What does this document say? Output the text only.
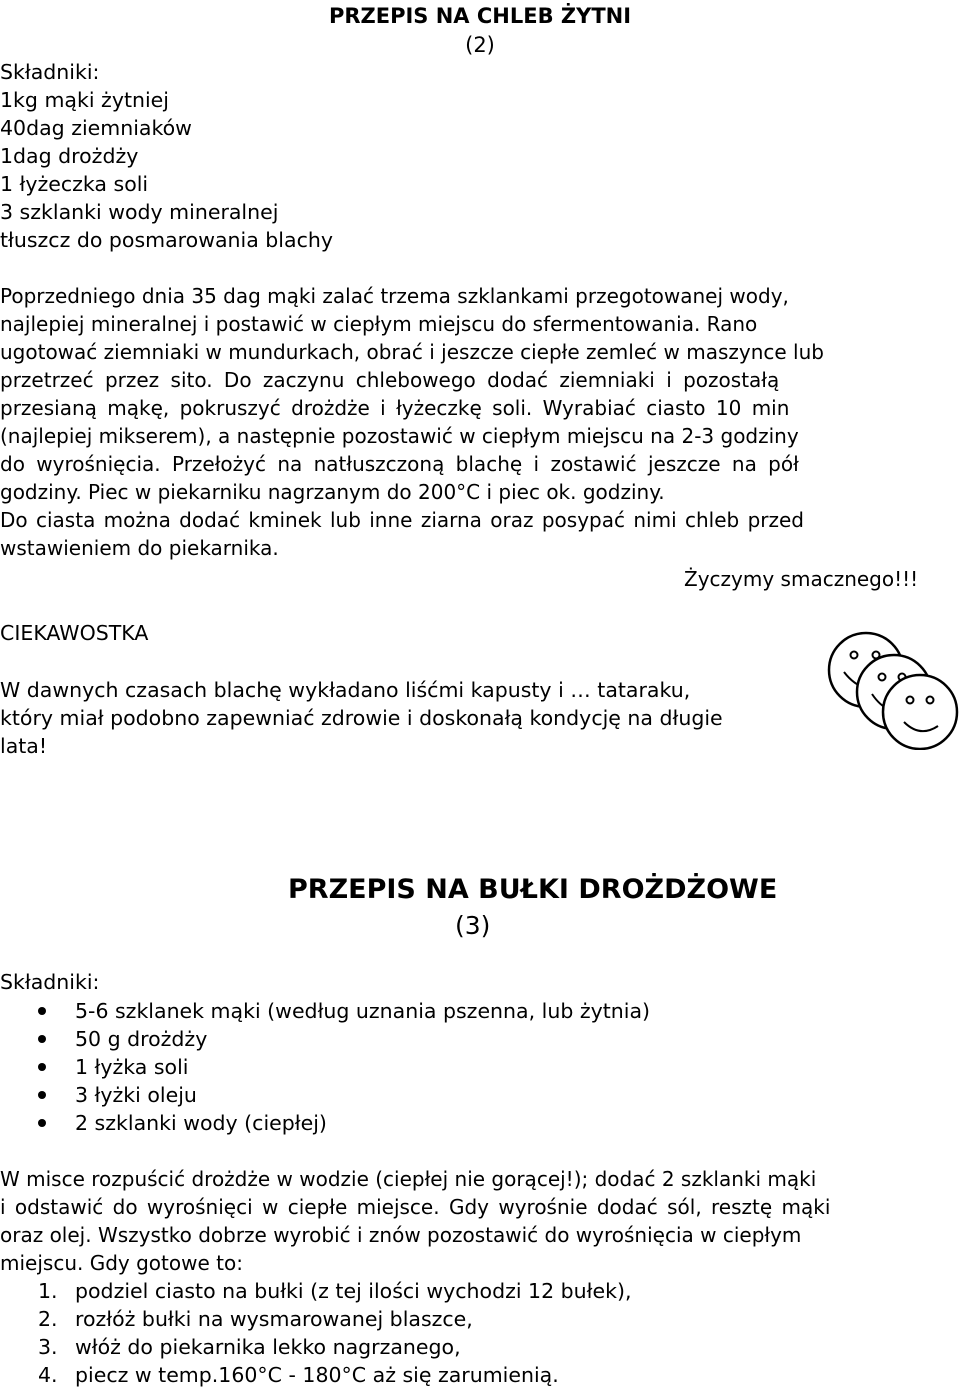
PRZEPIS NA CHLEB ŻYTNI
(2)
Składniki:
1kg mąki żytniej
40dag ziemniaków
1dag drożdży
1 łyżeczka soli
3 szklanki wody mineralnej
tłuszcz do posmarowania blachy
Poprzedniego dnia 35 dag mąki zalać trzema szklankami przegotowanej wody,
najlepiej mineralnej i postawić w ciepłym miejscu do sfermentowania. Rano
ugotować ziemniaki w mundurkach, obrać i jeszcze ciepłe zemleć w maszynce lub
przetrzeć przez sito. Do zaczynu chlebowego dodać ziemniaki i pozostałą
przesianą mąkę, pokruszyć drożdże i łyżeczkę soli. Wyrabiać ciasto 10 min
(najlepiej mikserem), a następnie pozostawić w ciepłym miejscu na 2-3 godziny
do wyrośnięcia. Przełożyć na natłuszczoną blachę i zostawić jeszcze na pół
godziny. Piec w piekarniku nagrzanym do 200°C i piec ok. godziny.
Do ciasta można dodać kminek lub inne ziarna oraz posypać nimi chleb przed
wstawieniem do piekarnika.
Życzymy smacznego!!!
CIEKAWOSTKA
W dawnych czasach blachę wykładano liśćmi kapusty i … tataraku,
który miał podobno zapewniać zdrowie i doskonałą kondycję na długie
lata!
PRZEPIS NA BUŁKI DROŻDŻOWE
(3)
Składniki:
5-6 szklanek mąki (według uznania pszenna, lub żytnia)
50 g drożdży
1 łyżka soli
3 łyżki oleju
2 szklanki wody (ciepłej)
W misce rozpuścić drożdże w wodzie (ciepłej nie gorącej!); dodać 2 szklanki mąki
i odstawić do wyrośnięci w ciepłe miejsce. Gdy wyrośnie dodać sól, resztę mąki
oraz olej. Wszystko dobrze wyrobić i znów pozostawić do wyrośnięcia w ciepłym
miejscu. Gdy gotowe to:
1. podziel ciasto na bułki (z tej ilości wychodzi 12 bułek),
2. rozłóż bułki na wysmarowanej blaszce,
3. włóż do piekarnika lekko nagrzanego,
4. piecz w temp.160°C - 180°C aż się zarumienią.
